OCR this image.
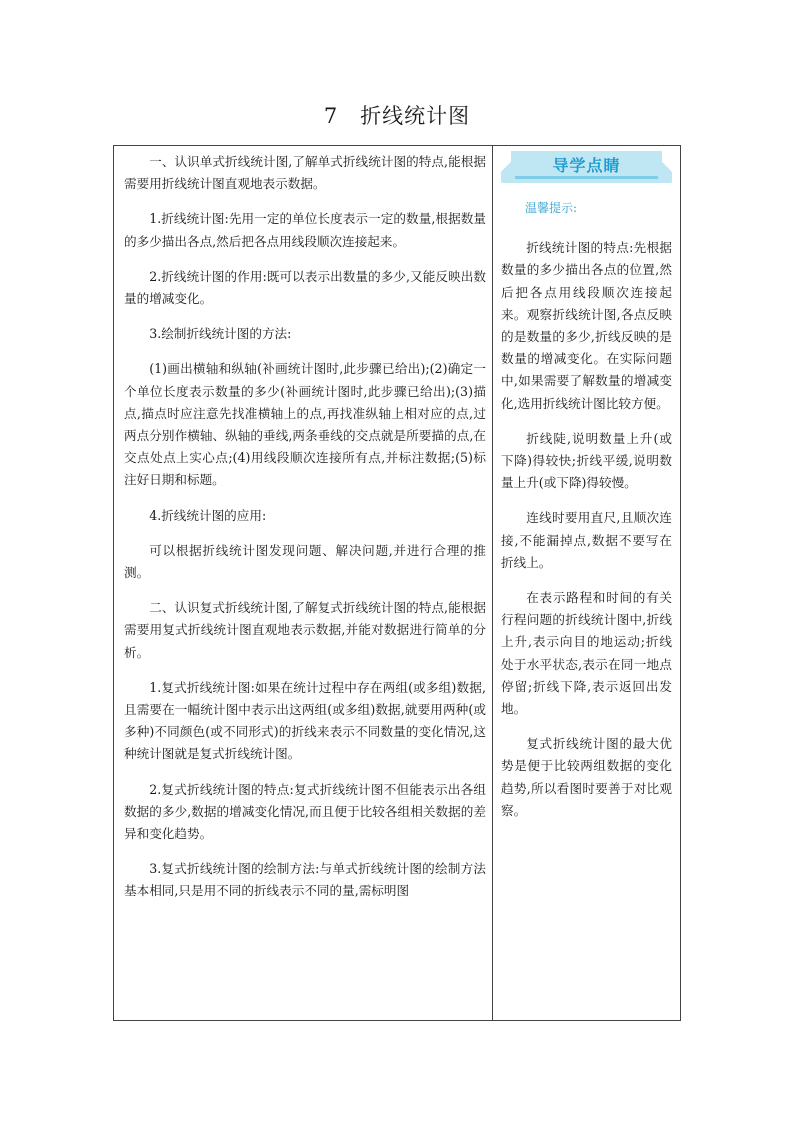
7 折线统计图

一、认识单式折线统计图,了解单式折线统计图的特点,能根据需要用折线统计图直观地表示数据。

1.折线统计图:先用一定的单位长度表示一定的数量,根据数量的多少描出各点,然后把各点用线段顺次连接起来。

2.折线统计图的作用:既可以表示出数量的多少,又能反映出数量的增减变化。

3.绘制折线统计图的方法:

(1)画出横轴和纵轴(补画统计图时,此步骤已给出);(2)确定一个单位长度表示数量的多少(补画统计图时,此步骤已给出);(3)描点,描点时应注意先找准横轴上的点,再找准纵轴上相对应的点,过两点分别作横轴、纵轴的垂线,两条垂线的交点就是所要描的点,在交点处点上实心点;(4)用线段顺次连接所有点,并标注数据;(5)标注好日期和标题。

4.折线统计图的应用:

可以根据折线统计图发现问题、解决问题,并进行合理的推测。

二、认识复式折线统计图,了解复式折线统计图的特点,能根据需要用复式折线统计图直观地表示数据,并能对数据进行简单的分析。

1.复式折线统计图:如果在统计过程中存在两组(或多组)数据,且需要在一幅统计图中表示出这两组(或多组)数据,就要用两种(或多种)不同颜色(或不同形式)的折线来表示不同数量的变化情况,这种统计图就是复式折线统计图。

2.复式折线统计图的特点:复式折线统计图不但能表示出各组数据的多少,数据的增减变化情况,而且便于比较各组相关数据的差异和变化趋势。

3.复式折线统计图的绘制方法:与单式折线统计图的绘制方法基本相同,只是用不同的折线表示不同的量,需标明图

导学点睛
温馨提示:

折线统计图的特点:先根据数量的多少描出各点的位置,然后把各点用线段顺次连接起来。观察折线统计图,各点反映的是数量的多少,折线反映的是数量的增减变化。在实际问题中,如果需要了解数量的增减变化,选用折线统计图比较方便。

折线陡,说明数量上升(或下降)得较快;折线平缓,说明数量上升(或下降)得较慢。

连线时要用直尺,且顺次连接,不能漏掉点,数据不要写在折线上。

在表示路程和时间的有关行程问题的折线统计图中,折线上升,表示向目的地运动;折线处于水平状态,表示在同一地点停留;折线下降,表示返回出发地。

复式折线统计图的最大优势是便于比较两组数据的变化趋势,所以看图时要善于对比观察。
